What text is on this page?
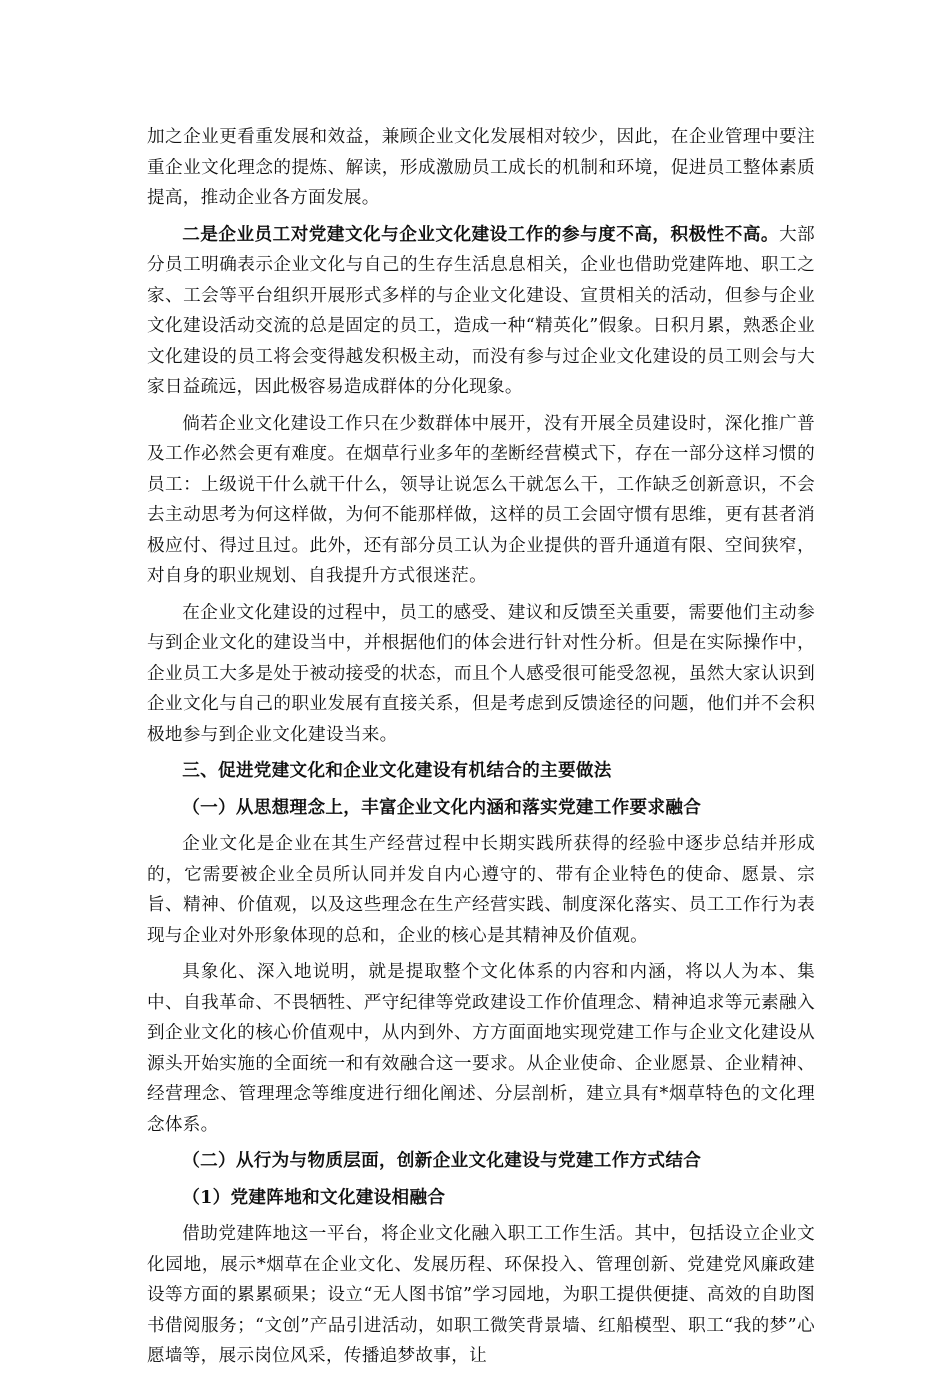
加之企业更看重发展和效益，兼顾企业文化发展相对较少，因此，在企业管理中要注重企业文化理念的提炼、解读，形成激励员工成长的机制和环境，促进员工整体素质提高，推动企业各方面发展。

二是企业员工对党建文化与企业文化建设工作的参与度不高，积极性不高。大部分员工明确表示企业文化与自己的生存生活息息相关，企业也借助党建阵地、职工之家、工会等平台组织开展形式多样的与企业文化建设、宣贯相关的活动，但参与企业文化建设活动交流的总是固定的员工，造成一种“精英化”假象。日积月累，熟悉企业文化建设的员工将会变得越发积极主动，而没有参与过企业文化建设的员工则会与大家日益疏远，因此极容易造成群体的分化现象。

倘若企业文化建设工作只在少数群体中展开，没有开展全员建设时，深化推广普及工作必然会更有难度。在烟草行业多年的垄断经营模式下，存在一部分这样习惯的员工：上级说干什么就干什么，领导让说怎么干就怎么干，工作缺乏创新意识，不会去主动思考为何这样做，为何不能那样做，这样的员工会固守惯有思维，更有甚者消极应付、得过且过。此外，还有部分员工认为企业提供的晋升通道有限、空间狭窄，对自身的职业规划、自我提升方式很迷茫。

在企业文化建设的过程中，员工的感受、建议和反馈至关重要，需要他们主动参与到企业文化的建设当中，并根据他们的体会进行针对性分析。但是在实际操作中，企业员工大多是处于被动接受的状态，而且个人感受很可能受忽视，虽然大家认识到企业文化与自己的职业发展有直接关系，但是考虑到反馈途径的问题，他们并不会积极地参与到企业文化建设当来。

三、促进党建文化和企业文化建设有机结合的主要做法

（一）从思想理念上，丰富企业文化内涵和落实党建工作要求融合

企业文化是企业在其生产经营过程中长期实践所获得的经验中逐步总结并形成的，它需要被企业全员所认同并发自内心遵守的、带有企业特色的使命、愿景、宗旨、精神、价值观，以及这些理念在生产经营实践、制度深化落实、员工工作行为表现与企业对外形象体现的总和，企业的核心是其精神及价值观。

具象化、深入地说明，就是提取整个文化体系的内容和内涵，将以人为本、集中、自我革命、不畏牺牲、严守纪律等党政建设工作价值理念、精神追求等元素融入到企业文化的核心价值观中，从内到外、方方面面地实现党建工作与企业文化建设从源头开始实施的全面统一和有效融合这一要求。从企业使命、企业愿景、企业精神、经营理念、管理理念等维度进行细化阐述、分层剖析，建立具有*烟草特色的文化理念体系。

（二）从行为与物质层面，创新企业文化建设与党建工作方式结合

（1）党建阵地和文化建设相融合

借助党建阵地这一平台，将企业文化融入职工工作生活。其中，包括设立企业文化园地，展示*烟草在企业文化、发展历程、环保投入、管理创新、党建党风廉政建设等方面的累累硕果；设立“无人图书馆”学习园地，为职工提供便捷、高效的自助图书借阅服务；“文创”产品引进活动，如职工微笑背景墙、红船模型、职工“我的梦”心愿墙等，展示岗位风采，传播追梦故事，让
